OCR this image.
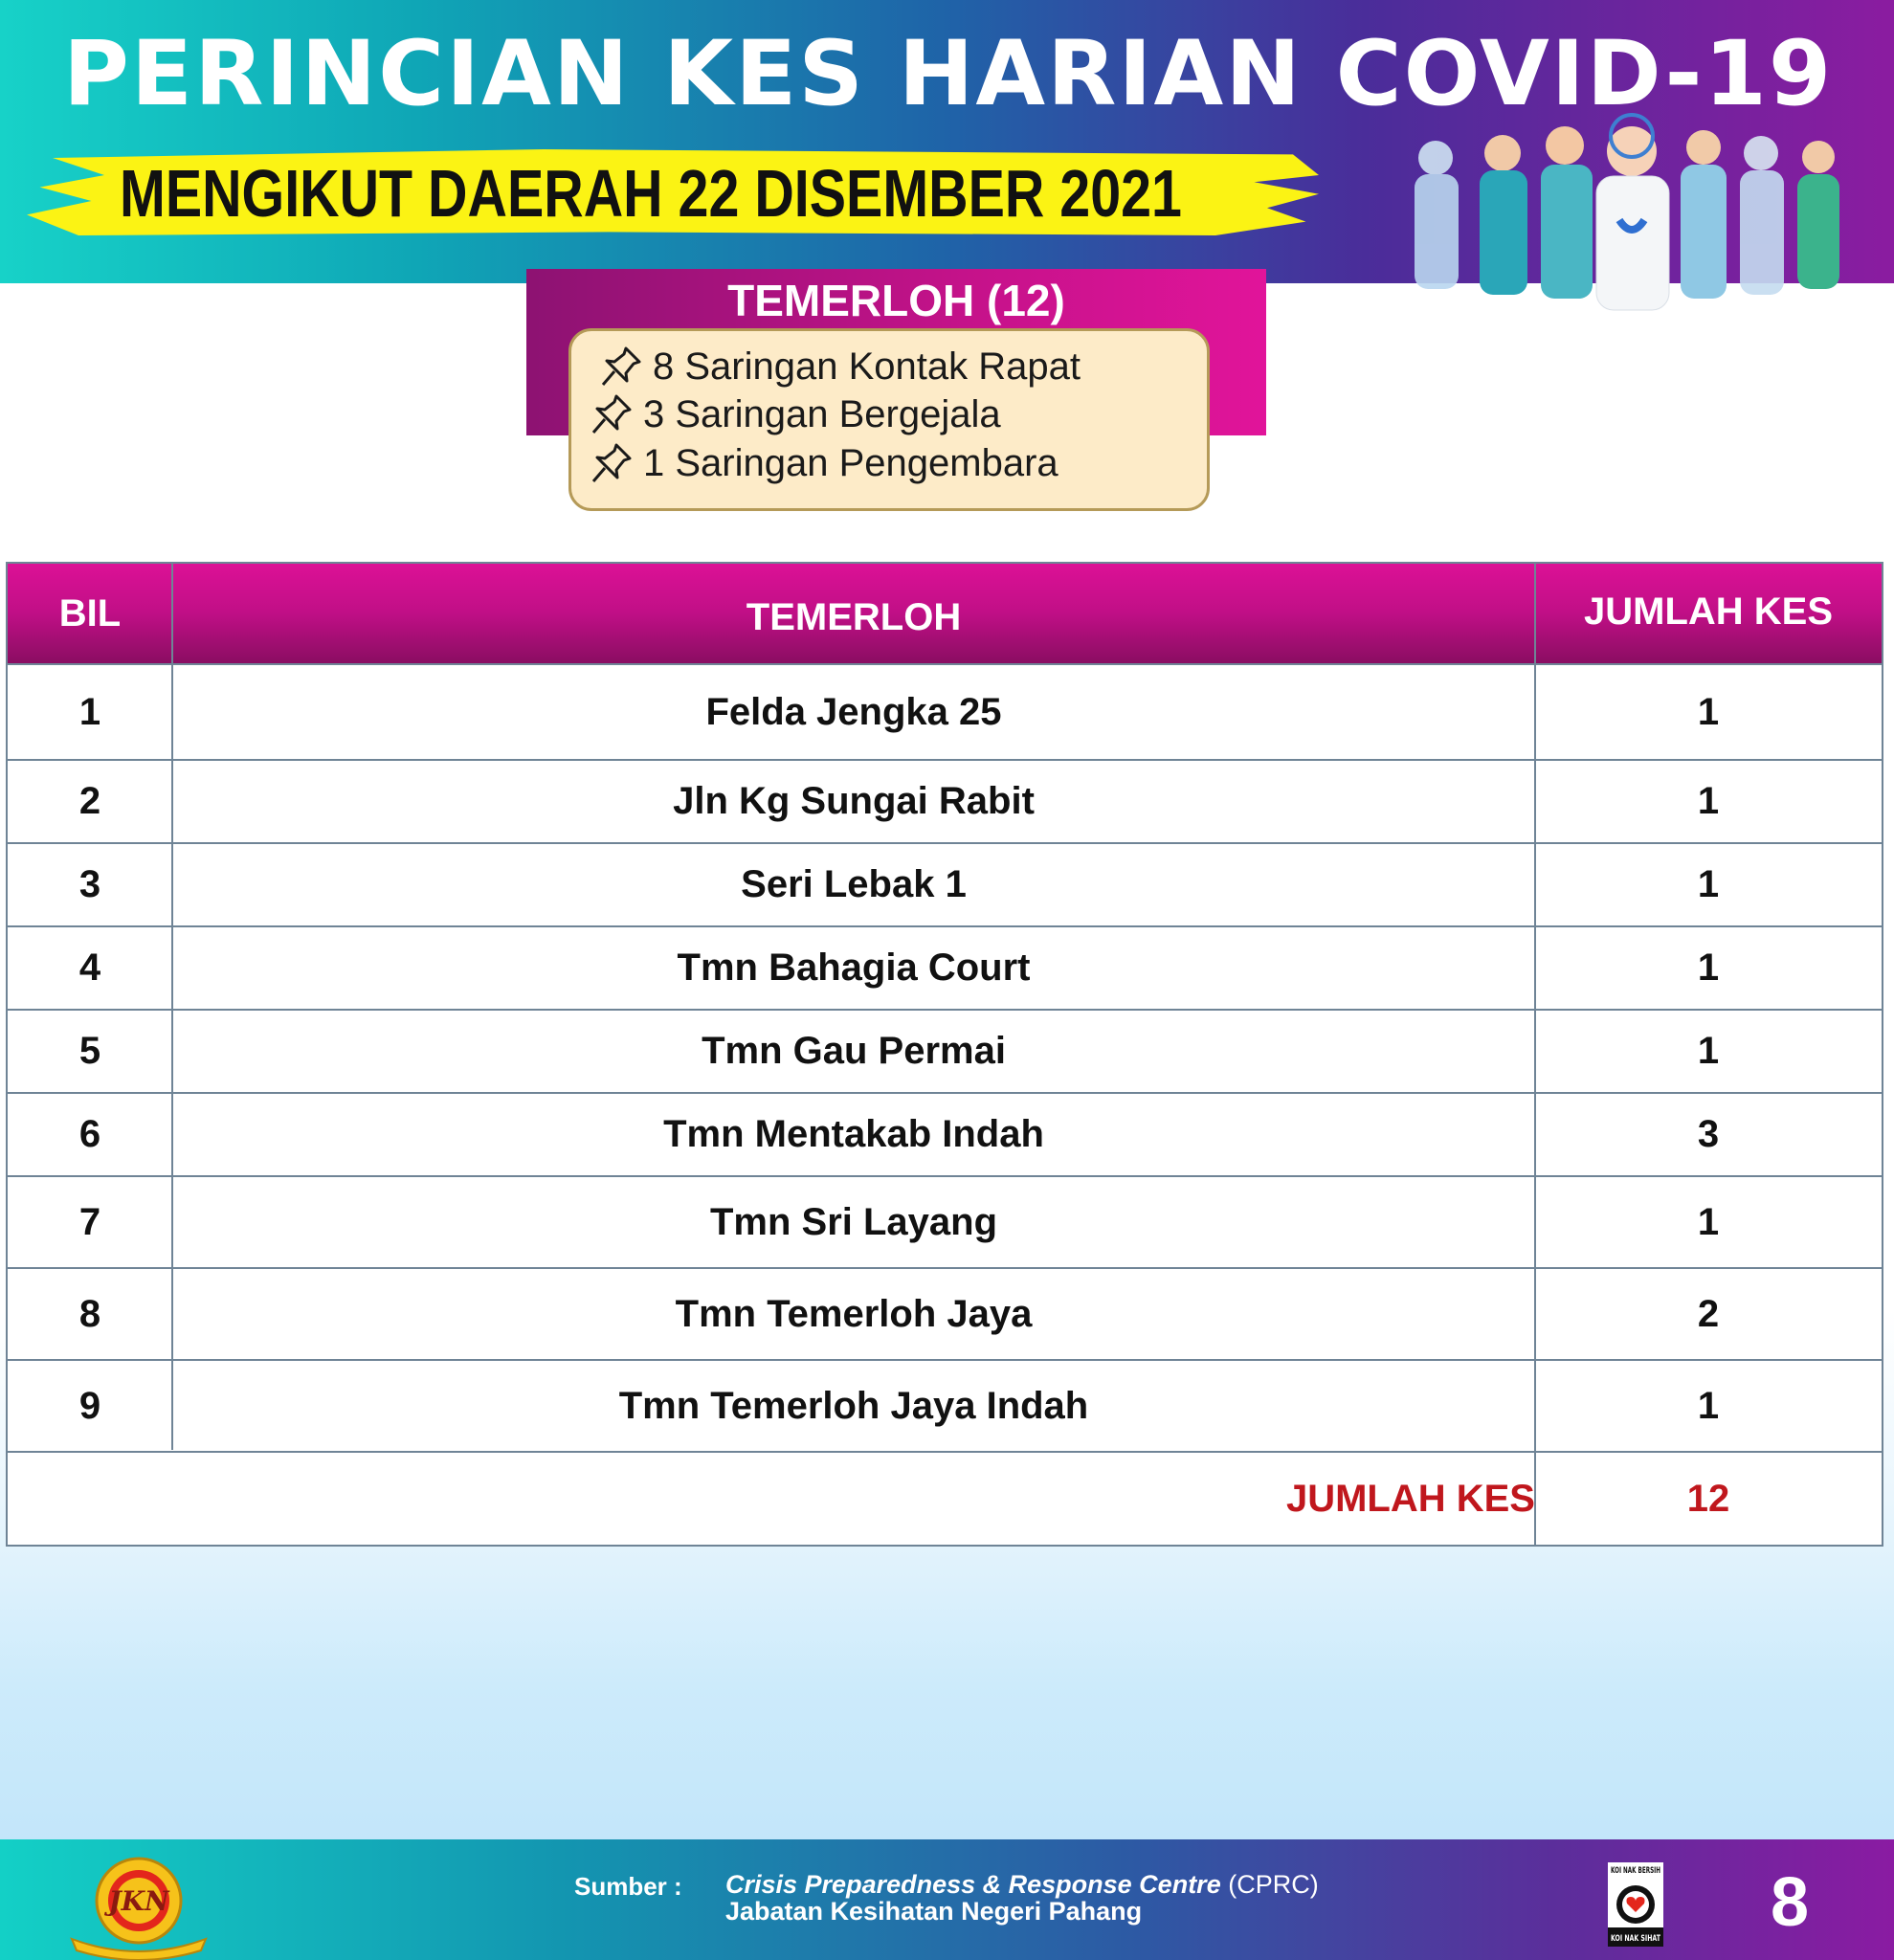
PERINCIAN KES HARIAN COVID-19
MENGIKUT DAERAH 22 DISEMBER 2021
TEMERLOH (12)
8 Saringan Kontak Rapat
3 Saringan Bergejala
1 Saringan Pengembara
BIL	TEMERLOH	JUMLAH KES
1	Felda Jengka 25	1
2	Jln Kg Sungai Rabit	1
3	Seri Lebak 1	1
4	Tmn Bahagia Court	1
5	Tmn Gau Permai	1
6	Tmn Mentakab Indah	3
7	Tmn Sri Layang	1
8	Tmn Temerloh Jaya	2
9	Tmn Temerloh Jaya Indah	1
JUMLAH KES	12
JKN	Sumber : Crisis Preparedness & Response Centre (CPRC)
Jabatan Kesihatan Negeri Pahang
KOI NAK BERSIH
KOI NAK SIHAT 8
